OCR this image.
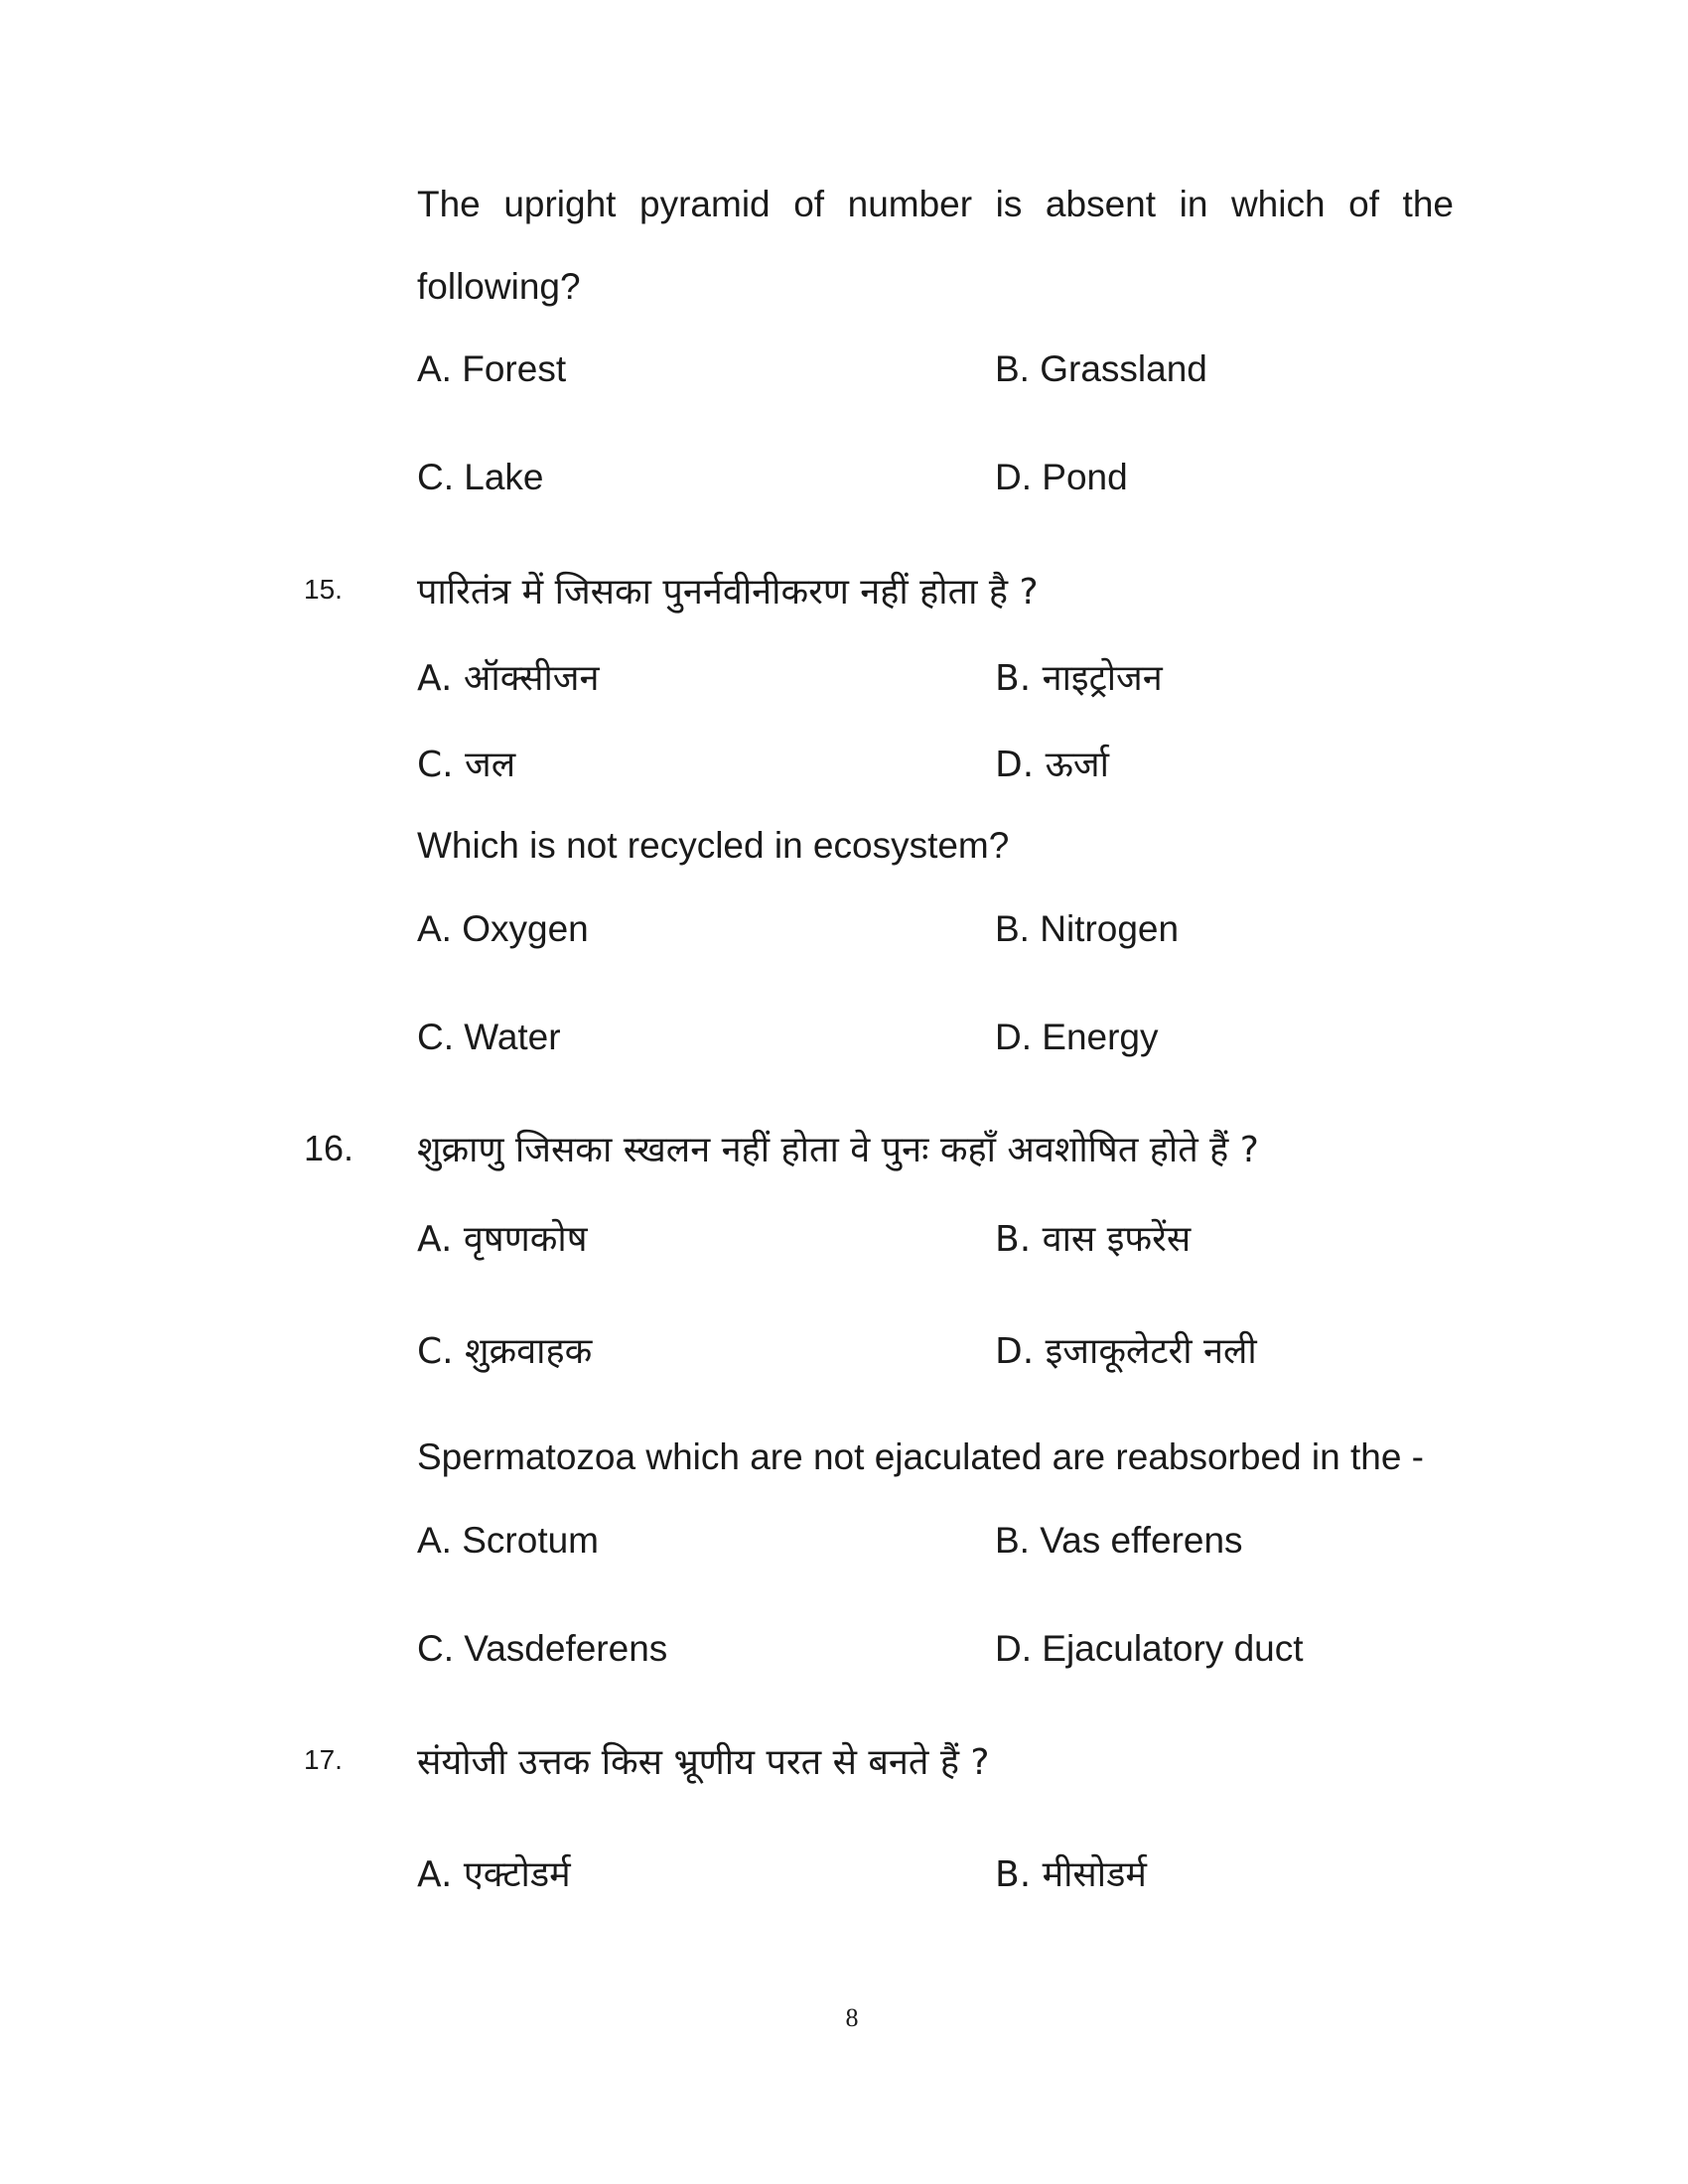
The upright pyramid of number is absent in which of the
following?
A. Forest	B. Grassland
C. Lake	D. Pond
15. पारितंत्र में जिसका पुनर्नवीनीकरण नहीं होता है ?
A. ऑक्सीजन	B. नाइट्रोजन
C. जल	D. ऊर्जा
Which is not recycled in ecosystem?
A. Oxygen	B. Nitrogen
C. Water	D. Energy
16. शुक्राणु जिसका स्खलन नहीं होता वे पुनः कहाँ अवशोषित होते हैं ?
A. वृषणकोष	B. वास इफरेंस
C. शुक्रवाहक	D. इजाकूलेटरी नली
Spermatozoa which are not ejaculated are reabsorbed in the -
A. Scrotum	B. Vas efferens
C. Vasdeferens	D. Ejaculatory duct
17. संयोजी उत्तक किस भ्रूणीय परत से बनते हैं ?
A. एक्टोडर्म	B. मीसोडर्म
8
